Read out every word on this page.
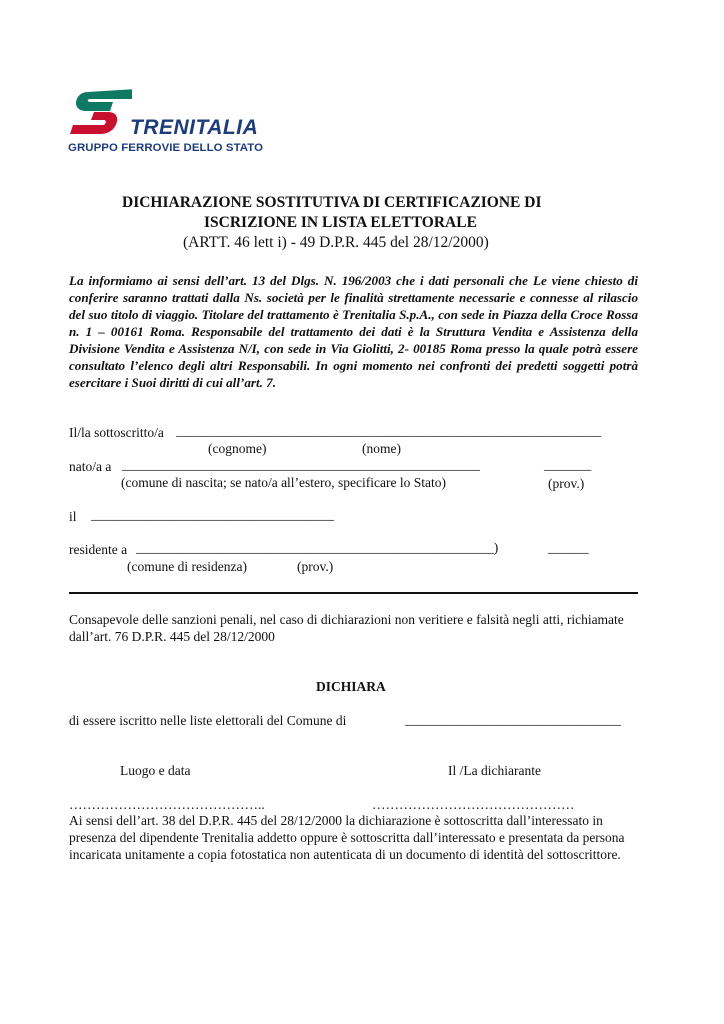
TRENITALIA
GRUPPO FERROVIE DELLO STATO
DICHIARAZIONE SOSTITUTIVA DI CERTIFICAZIONE DI
ISCRIZIONE IN LISTA ELETTORALE
(ARTT. 46 lett i) - 49 D.P.R. 445 del 28/12/2000)
La informiamo ai sensi dell’art. 13 del Dlgs. N. 196/2003 che i dati personali che Le viene chiesto di conferire saranno trattati dalla Ns. società per le finalità strettamente necessarie e connesse al rilascio del suo titolo di viaggio. Titolare del trattamento è Trenitalia S.p.A., con sede in Piazza della Croce Rossa n. 1 – 00161 Roma. Responsabile del trattamento dei dati è la Struttura Vendita e Assistenza della Divisione Vendita e Assistenza N/I, con sede in Via Giolitti, 2- 00185 Roma presso la quale potrà essere consultato l’elenco degli altri Responsabili. In ogni momento nei confronti dei predetti soggetti potrà esercitare i Suoi diritti di cui all’art. 7.
Il/la sottoscritto/a _______________________________________________________________
(cognome)	(nome)
nato/a a _____________________________________________________	_______
(comune di nascita; se nato/a all’estero, specificare lo Stato)	(prov.)
il ____________________________________
residente a _____________________________________________________)	______
(comune di residenza)	(prov.)
Consapevole delle sanzioni penali, nel caso di dichiarazioni non veritiere e falsità negli atti, richiamate dall’art. 76 D.P.R. 445 del 28/12/2000
DICHIARA
di essere iscritto nelle liste elettorali del Comune di	________________________________
Luogo e data	Il /La dichiarante
……………………………………..	………………………………………
Ai sensi dell’art. 38 del D.P.R. 445 del 28/12/2000 la dichiarazione è sottoscritta dall’interessato in presenza del dipendente Trenitalia addetto oppure è sottoscritta dall’interessato e presentata da persona incaricata unitamente a copia fotostatica non autenticata di un documento di identità del sottoscrittore.
